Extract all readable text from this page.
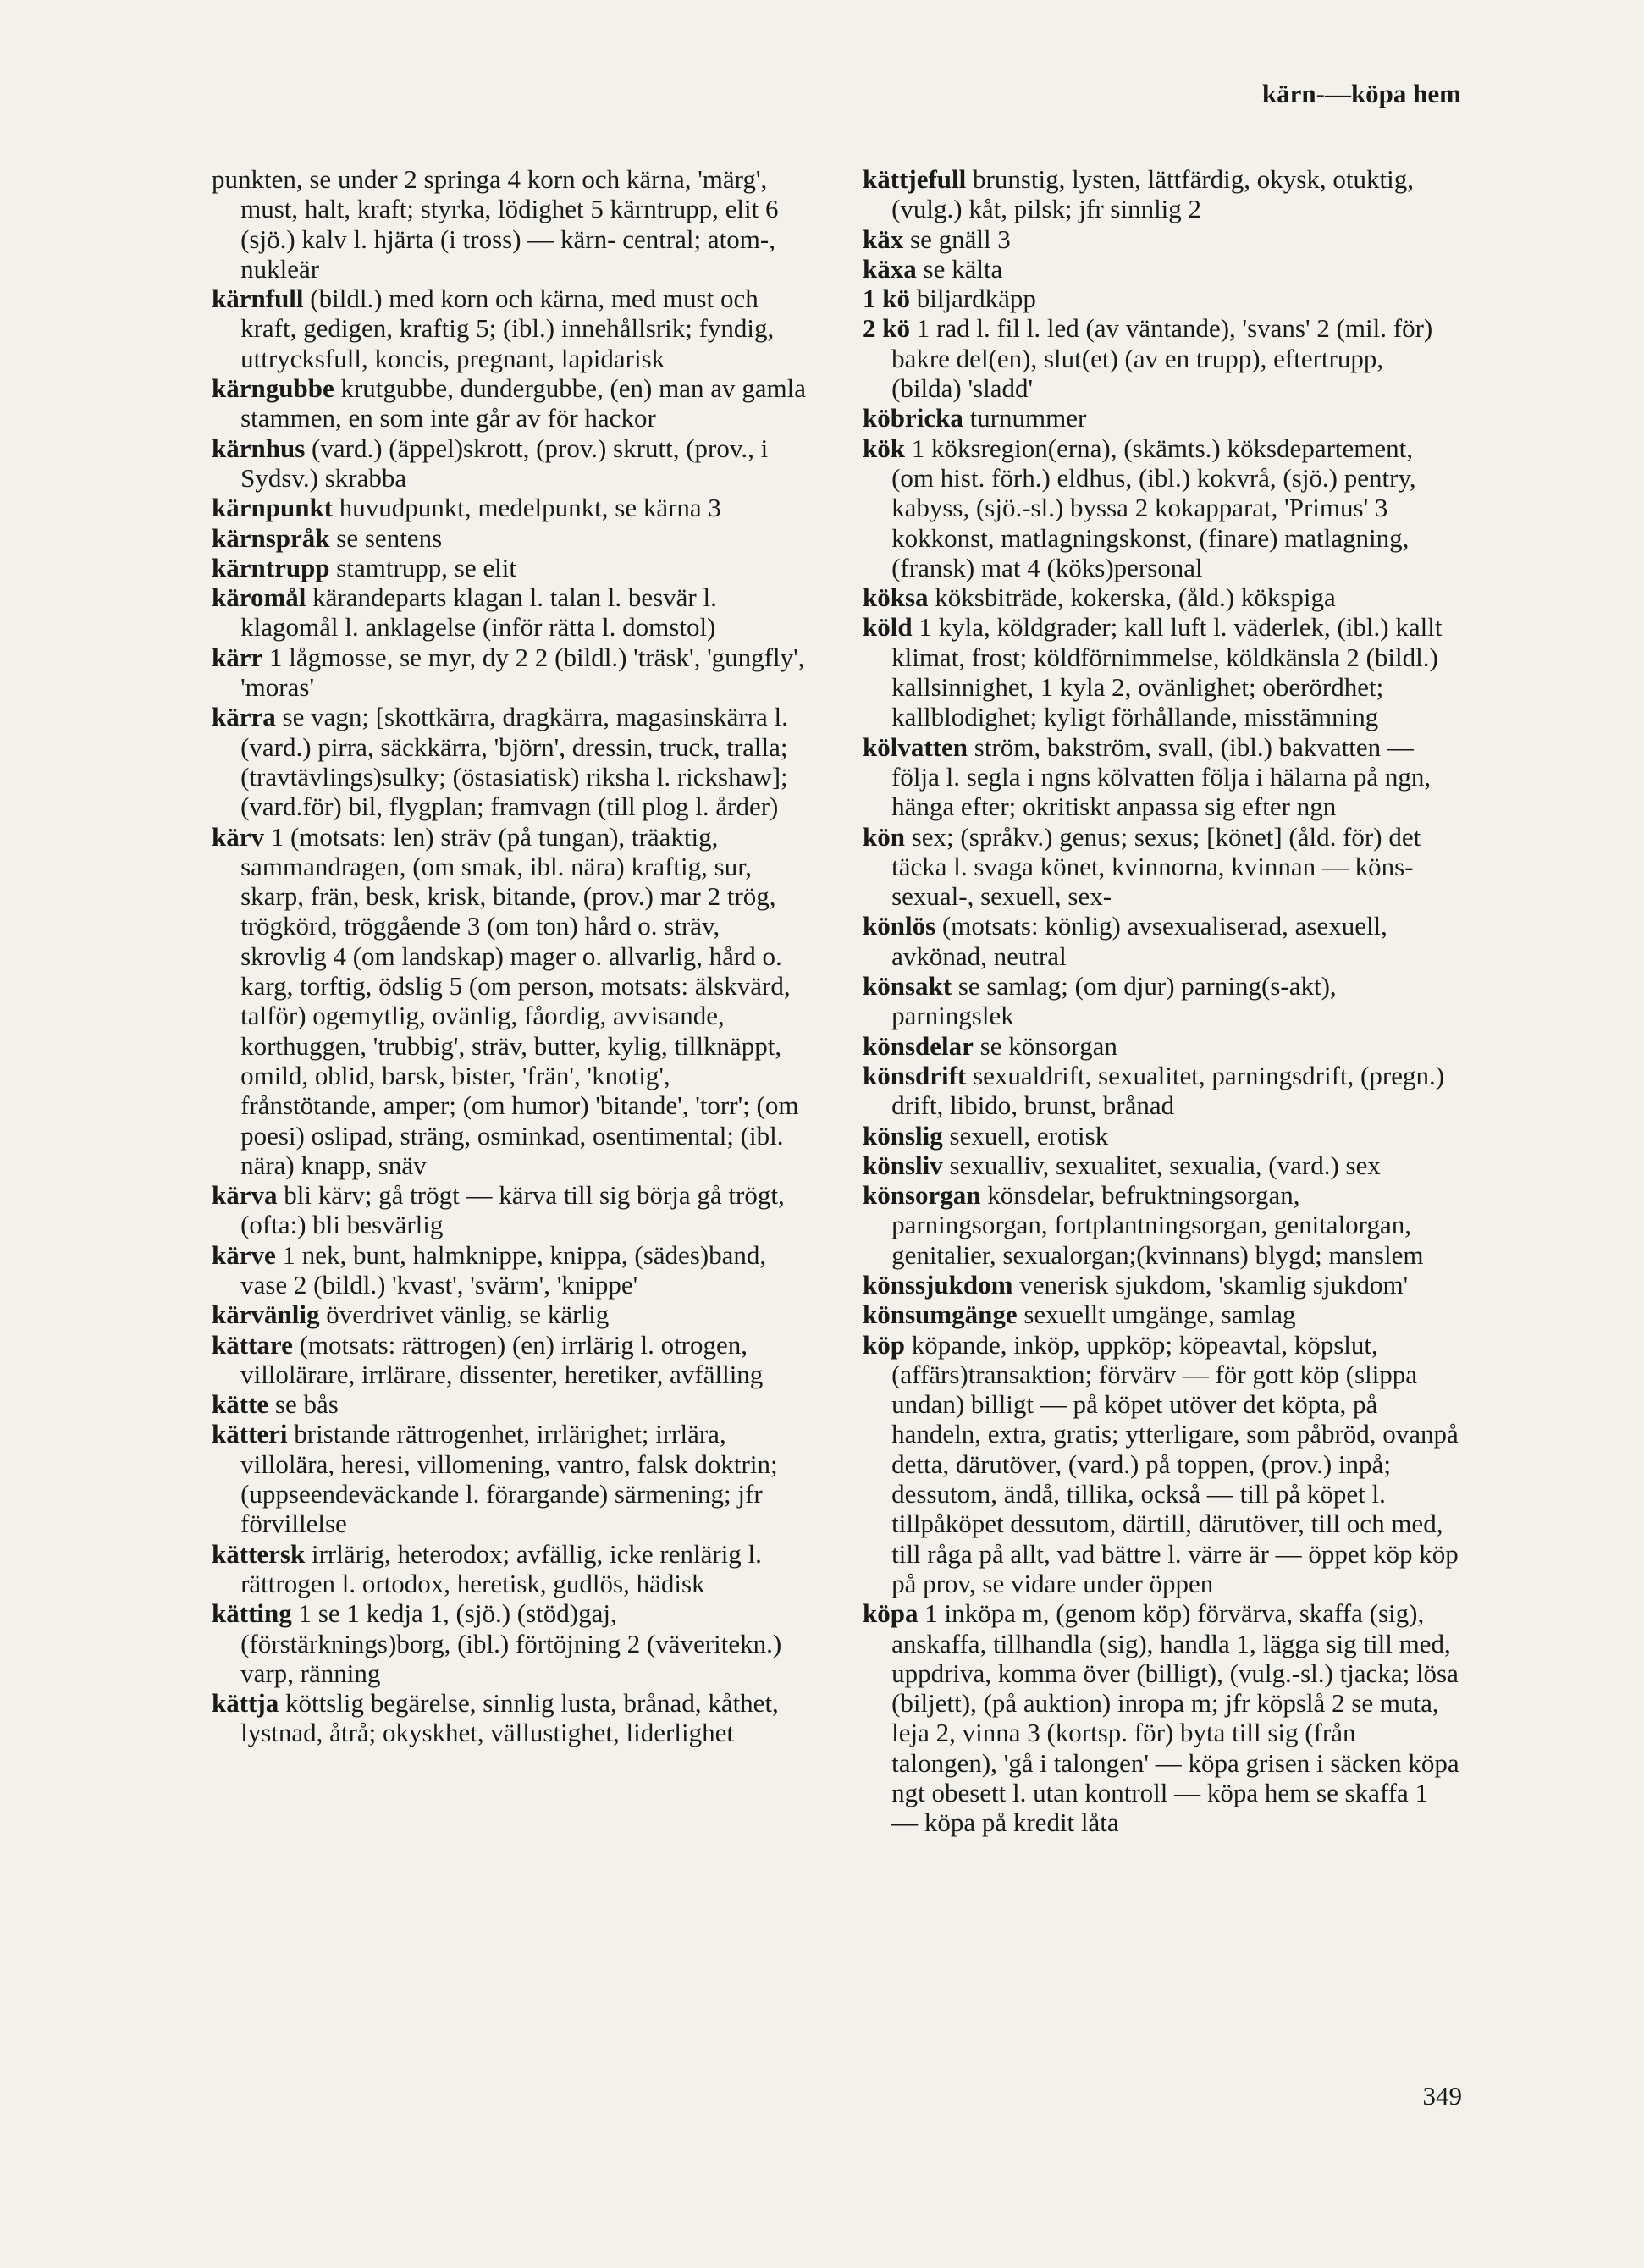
kärn-—köpa hem

punkten, se under 2 springa 4 korn och kärna, 'märg', must, halt, kraft; styrka, lödighet 5 kärntrupp, elit 6 (sjö.) kalv l. hjärta (i tross) — kärn- central; atom-, nukleär

kärnfull (bildl.) med korn och kärna, med must och kraft, gedigen, kraftig 5; (ibl.) innehållsrik; fyndig, uttrycksfull, koncis, pregnant, lapidarisk

kärngubbe krutgubbe, dundergubbe, (en) man av gamla stammen, en som inte går av för hackor

kärnhus (vard.) (äppel)skrott, (prov.) skrutt, (prov., i Sydsv.) skrabba

kärnpunkt huvudpunkt, medelpunkt, se kärna 3

kärnspråk se sentens

kärntrupp stamtrupp, se elit

käromål kärandeparts klagan l. talan l. besvär l. klagomål l. anklagelse (inför rätta l. domstol)

kärr 1 lågmosse, se myr, dy 2 2 (bildl.) 'träsk', 'gungfly', 'moras'

kärra se vagn; [skottkärra, dragkärra, magasinskärra l. (vard.) pirra, säckkärra, 'björn', dressin, truck, tralla; (travtävlings)sulky; (östasiatisk) riksha l. rickshaw]; (vard.för) bil, flygplan; framvagn (till plog l. årder)

kärv 1 (motsats: len) sträv (på tungan), träaktig, sammandragen, (om smak, ibl. nära) kraftig, sur, skarp, frän, besk, krisk, bitande, (prov.) mar 2 trög, trögkörd, tröggående 3 (om ton) hård o. sträv, skrovlig 4 (om landskap) mager o. allvarlig, hård o. karg, torftig, ödslig 5 (om person, motsats: älskvärd, talför) ogemytlig, ovänlig, fåordig, avvisande, korthuggen, 'trubbig', sträv, butter, kylig, tillknäppt, omild, oblid, barsk, bister, 'frän', 'knotig', frånstötande, amper; (om humor) 'bitande', 'torr'; (om poesi) oslipad, sträng, osminkad, osentimental; (ibl. nära) knapp, snäv

kärva bli kärv; gå trögt — kärva till sig börja gå trögt, (ofta:) bli besvärlig

kärve 1 nek, bunt, halmknippe, knippa, (sädes)band, vase 2 (bildl.) 'kvast', 'svärm', 'knippe'

kärvänlig överdrivet vänlig, se kärlig

kättare (motsats: rättrogen) (en) irrlärig l. otrogen, villolärare, irrlärare, dissenter, heretiker, avfälling

kätte se bås

kätteri bristande rättrogenhet, irrlärighet; irrlära, villolära, heresi, villomening, vantro, falsk doktrin; (uppseendeväckande l. förargande) särmening; jfr förvillelse

kättersk irrlärig, heterodox; avfällig, icke renlärig l. rättrogen l. ortodox, heretisk, gudlös, hädisk

kätting 1 se 1 kedja 1, (sjö.) (stöd)gaj, (förstärknings)borg, (ibl.) förtöjning 2 (väveritekn.) varp, ränning

kättja köttslig begärelse, sinnlig lusta, brånad, kåthet, lystnad, åtrå; okyskhet, vällustighet, liderlighet

kättjefull brunstig, lysten, lättfärdig, okysk, otuktig, (vulg.) kåt, pilsk; jfr sinnlig 2

käx se gnäll 3

käxa se kälta

1 kö biljardkäpp

2 kö 1 rad l. fil l. led (av väntande), 'svans' 2 (mil. för) bakre del(en), slut(et) (av en trupp), eftertrupp, (bilda) 'sladd'

köbricka turnummer

kök 1 köksregion(erna), (skämts.) köksdepartement, (om hist. förh.) eldhus, (ibl.) kokvrå, (sjö.) pentry, kabyss, (sjö.-sl.) byssa 2 kokapparat, 'Primus' 3 kokkonst, matlagningskonst, (finare) matlagning, (fransk) mat 4 (köks)personal

köksa köksbiträde, kokerska, (åld.) kökspiga

köld 1 kyla, köldgrader; kall luft l. väderlek, (ibl.) kallt klimat, frost; köldförnimmelse, köldkänsla 2 (bildl.) kallsinnighet, 1 kyla 2, ovänlighet; oberördhet; kallblodighet; kyligt förhållande, misstämning

kölvatten ström, bakström, svall, (ibl.) bakvatten — följa l. segla i ngns kölvatten följa i hälarna på ngn, hänga efter; okritiskt anpassa sig efter ngn

kön sex; (språkv.) genus; sexus; [könet] (åld. för) det täcka l. svaga könet, kvinnorna, kvinnan — köns- sexual-, sexuell, sex-

könlös (motsats: könlig) avsexualiserad, asexuell, avkönad, neutral

könsakt se samlag; (om djur) parning(s-akt), parningslek

könsdelar se könsorgan

könsdrift sexualdrift, sexualitet, parningsdrift, (pregn.) drift, libido, brunst, brånad

könslig sexuell, erotisk

könsliv sexualliv, sexualitet, sexualia, (vard.) sex

könsorgan könsdelar, befruktningsorgan, parningsorgan, fortplantningsorgan, genitalorgan, genitalier, sexualorgan;(kvinnans) blygd; manslem

könssjukdom venerisk sjukdom, 'skamlig sjukdom'

könsumgänge sexuellt umgänge, samlag

köp köpande, inköp, uppköp; köpeavtal, köpslut, (affärs)transaktion; förvärv — för gott köp (slippa undan) billigt — på köpet utöver det köpta, på handeln, extra, gratis; ytterligare, som påbröd, ovanpå detta, därutöver, (vard.) på toppen, (prov.) inpå; dessutom, ändå, tillika, också — till på köpet l. tillpåköpet dessutom, därtill, därutöver, till och med, till råga på allt, vad bättre l. värre är — öppet köp köp på prov, se vidare under öppen

köpa 1 inköpa m, (genom köp) förvärva, skaffa (sig), anskaffa, tillhandla (sig), handla 1, lägga sig till med, uppdriva, komma över (billigt), (vulg.-sl.) tjacka; lösa (biljett), (på auktion) inropa m; jfr köpslå 2 se muta, leja 2, vinna 3 (kortsp. för) byta till sig (från talongen), 'gå i talongen' — köpa grisen i säcken köpa ngt obesett l. utan kontroll — köpa hem se skaffa 1 — köpa på kredit låta

349
